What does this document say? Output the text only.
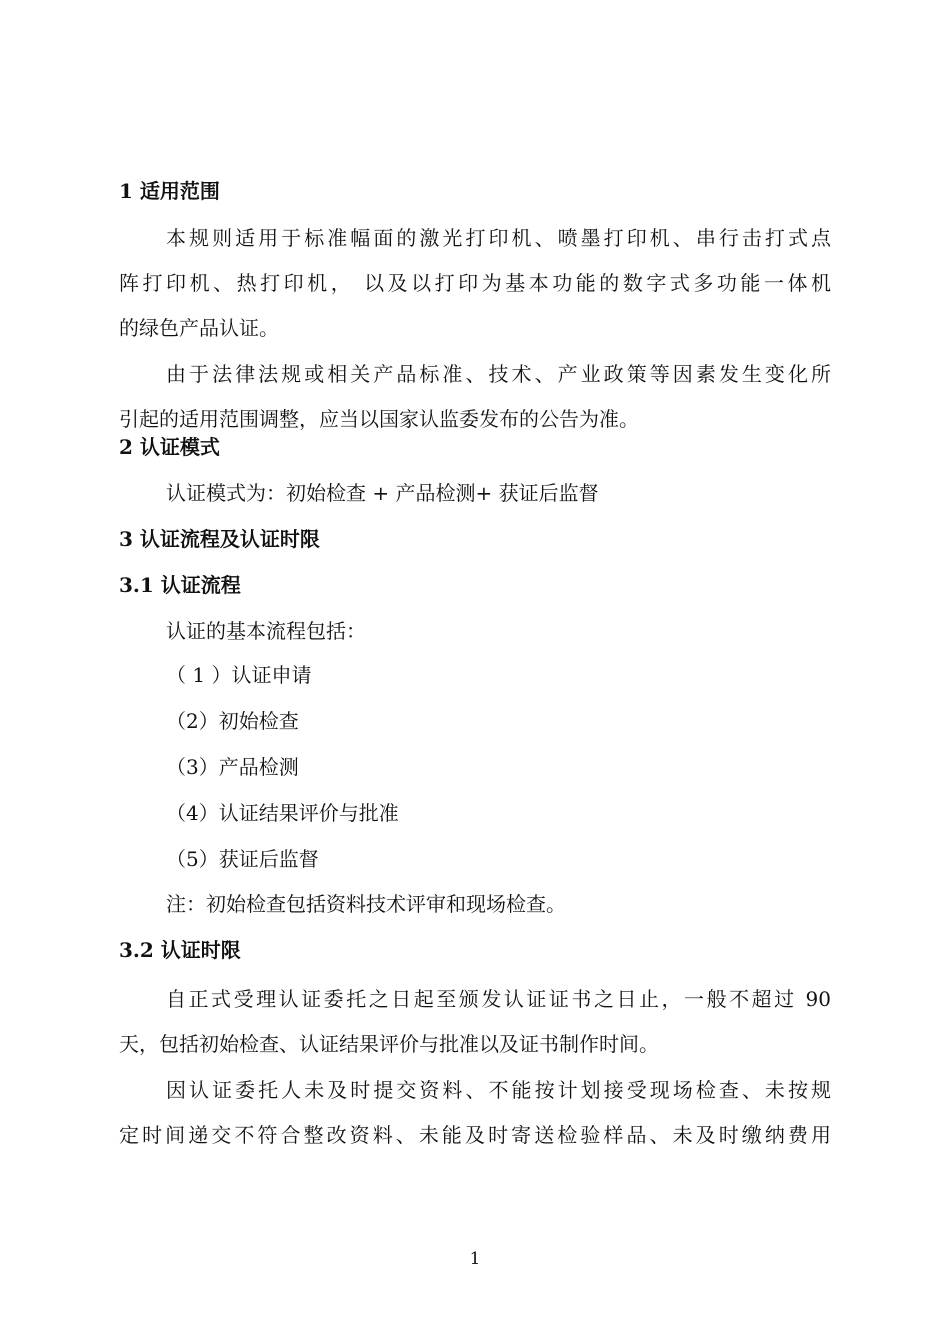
1 适用范围
本规则适用于标准幅面的激光打印机、喷墨打印机、串行击打式点
阵打印机、热打印机， 以及以打印为基本功能的数字式多功能一体机
的绿色产品认证。
由于法律法规或相关产品标准、技术、产业政策等因素发生变化所
引起的适用范围调整，应当以国家认监委发布的公告为准。
2 认证模式
认证模式为：初始检查 + 产品检测+ 获证后监督
3 认证流程及认证时限
3.1 认证流程
认证的基本流程包括：
（ 1 ）认证申请
（2）初始检查
（3）产品检测
（4）认证结果评价与批准
（5）获证后监督
注：初始检查包括资料技术评审和现场检查。
3.2 认证时限
自正式受理认证委托之日起至颁发认证证书之日止，一般不超过 90
天，包括初始检查、认证结果评价与批准以及证书制作时间。
因认证委托人未及时提交资料、不能按计划接受现场检查、未按规
定时间递交不符合整改资料、未能及时寄送检验样品、未及时缴纳费用
1
